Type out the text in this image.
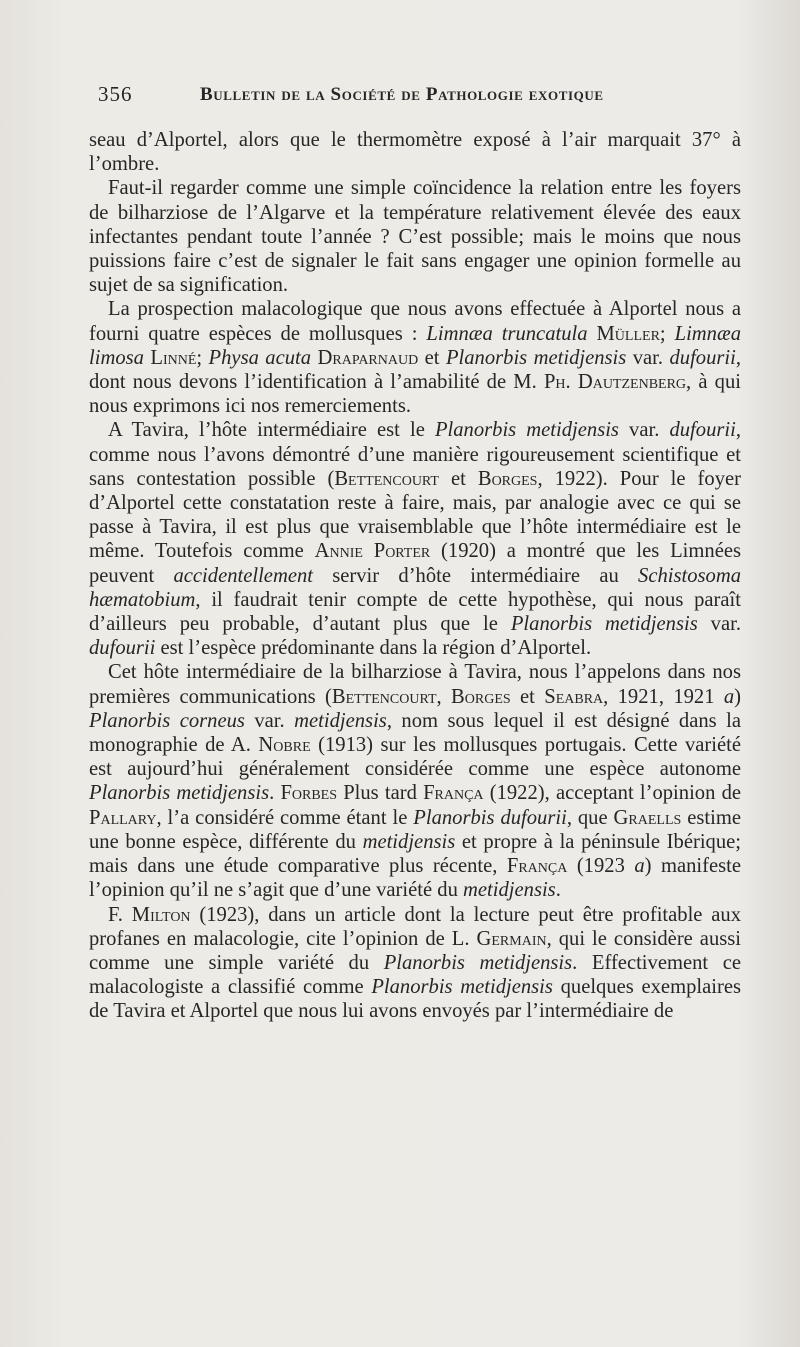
356	Bulletin de la Société de Pathologie exotique

seau d’Alportel, alors que le thermomètre exposé à l’air marquait 37° à l’ombre.

Faut-il regarder comme une simple coïncidence la relation entre les foyers de bilharziose de l’Algarve et la température relativement élevée des eaux infectantes pendant toute l’année ? C’est possible; mais le moins que nous puissions faire c’est de signaler le fait sans engager une opinion formelle au sujet de sa signification.

La prospection malacologique que nous avons effectuée à Alportel nous a fourni quatre espèces de mollusques : Limnæa truncatula Müller; Limnæa limosa Linné; Physa acuta Draparnaud et Planorbis metidjensis var. dufourii, dont nous devons l’identification à l’amabilité de M. Ph. Dautzenberg, à qui nous exprimons ici nos remerciements.

A Tavira, l’hôte intermédiaire est le Planorbis metidjensis var. dufourii, comme nous l’avons démontré d’une manière rigoureusement scientifique et sans contestation possible (Bettencourt et Borges, 1922). Pour le foyer d’Alportel cette constatation reste à faire, mais, par analogie avec ce qui se passe à Tavira, il est plus que vraisemblable que l’hôte intermédiaire est le même. Toutefois comme Annie Porter (1920) a montré que les Limnées peuvent accidentellement servir d’hôte intermédiaire au Schistosoma hæmatobium, il faudrait tenir compte de cette hypothèse, qui nous paraît d’ailleurs peu probable, d’autant plus que le Planorbis metidjensis var. dufourii est l’espèce prédominante dans la région d’Alportel.

Cet hôte intermédiaire de la bilharziose à Tavira, nous l’appelons dans nos premières communications (Bettencourt, Borges et Seabra, 1921, 1921 a) Planorbis corneus var. metidjensis, nom sous lequel il est désigné dans la monographie de A. Nobre (1913) sur les mollusques portugais. Cette variété est aujourd’hui généralement considérée comme une espèce autonome Planorbis metidjensis. Forbes Plus tard França (1922), acceptant l’opinion de Pallary, l’a considéré comme étant le Planorbis dufourii, que Graells estime une bonne espèce, différente du metidjensis et propre à la péninsule Ibérique; mais dans une étude comparative plus récente, França (1923 a) manifeste l’opinion qu’il ne s’agit que d’une variété du metidjensis.

F. Milton (1923), dans un article dont la lecture peut être profitable aux profanes en malacologie, cite l’opinion de L. Germain, qui le considère aussi comme une simple variété du Planorbis metidjensis. Effectivement ce malacologiste a classifié comme Planorbis metidjensis quelques exemplaires de Tavira et Alportel que nous lui avons envoyés par l’intermédiaire de
